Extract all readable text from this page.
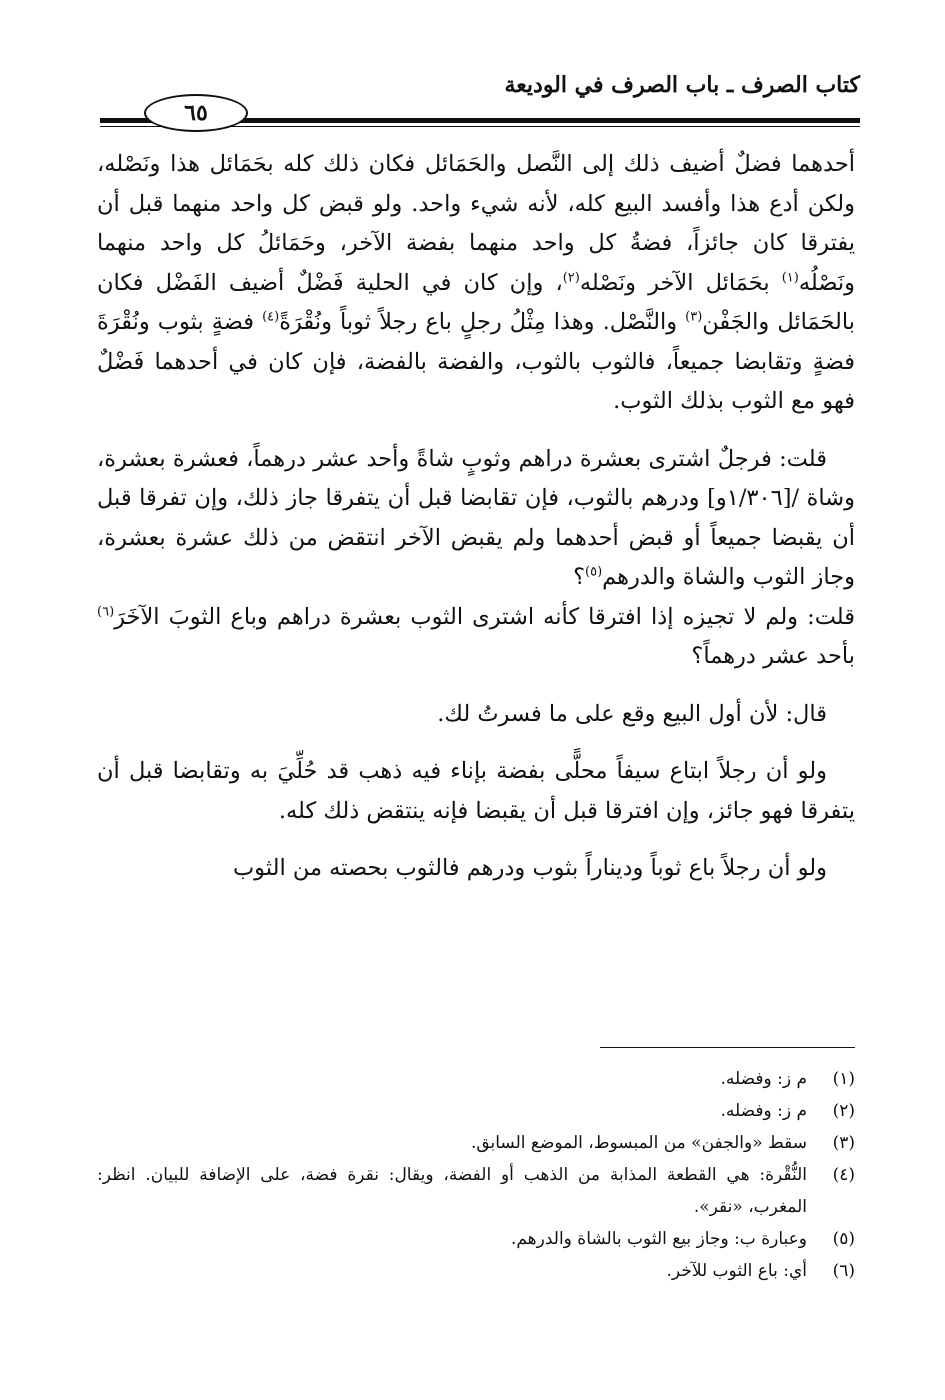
كتاب الصرف ـ باب الصرف في الوديعة
٦٥

أحدهما فضلٌ أضيف ذلك إلى النَّصل والحَمَائل فكان ذلك كله بحَمَائل هذا ونَصْله، ولكن أدع هذا وأفسد البيع كله، لأنه شيء واحد. ولو قبض كل واحد منهما قبل أن يفترقا كان جائزاً، فضةُ كل واحد منهما بفضة الآخر، وحَمَائلُ كل واحد منهما ونَصْلُه$^{(١)}$ بحَمَائل الآخر ونَصْله$^{(٢)}$، وإن كان في الحلية فَضْلٌ أضيف الفَضْل فكان بالحَمَائل والجَفْن$^{(٣)}$ والنَّصْل. وهذا مِثْلُ رجلٍ باع رجلاً ثوباً ونُقْرَةً$^{(٤)}$ فضةٍ بثوب ونُقْرَةَ فضةٍ وتقابضا جميعاً، فالثوب بالثوب، والفضة بالفضة، فإن كان في أحدهما فَضْلٌ فهو مع الثوب بذلك الثوب.

قلت: فرجلٌ اشترى بعشرة دراهم وثوبٍ شاةً وأحد عشر درهماً، فعشرة بعشرة، وشاة /[١/٣٠٦و] ودرهم بالثوب، فإن تقابضا قبل أن يتفرقا جاز ذلك، وإن تفرقا قبل أن يقبضا جميعاً أو قبض أحدهما ولم يقبض الآخر انتقض من ذلك عشرة بعشرة، وجاز الثوب والشاة والدرهم$^{(٥)}$؟

قلت: ولم لا تجيزه إذا افترقا كأنه اشترى الثوب بعشرة دراهم وباع الثوبَ الآخَرَ$^{(٦)}$ بأحد عشر درهماً؟

قال: لأن أول البيع وقع على ما فسرتُ لك.

ولو أن رجلاً ابتاع سيفاً محلًّى بفضة بإناء فيه ذهب قد حُلِّيَ به وتقابضا قبل أن يتفرقا فهو جائز، وإن افترقا قبل أن يقبضا فإنه ينتقض ذلك كله.

ولو أن رجلاً باع ثوباً وديناراً بثوب ودرهم فالثوب بحصته من الثوب

(١)
م ز: وفضله.
(٢)
م ز: وفضله.
(٣)
سقط «والجفن» من المبسوط، الموضع السابق.
(٤)
النُّقْرة: هي القطعة المذابة من الذهب أو الفضة، ويقال: نقرة فضة، على الإضافة للبيان. انظر: المغرب، «نقر».
(٥)
وعبارة ب: وجاز بيع الثوب بالشاة والدرهم.
(٦)
أي: باع الثوب للآخر.
